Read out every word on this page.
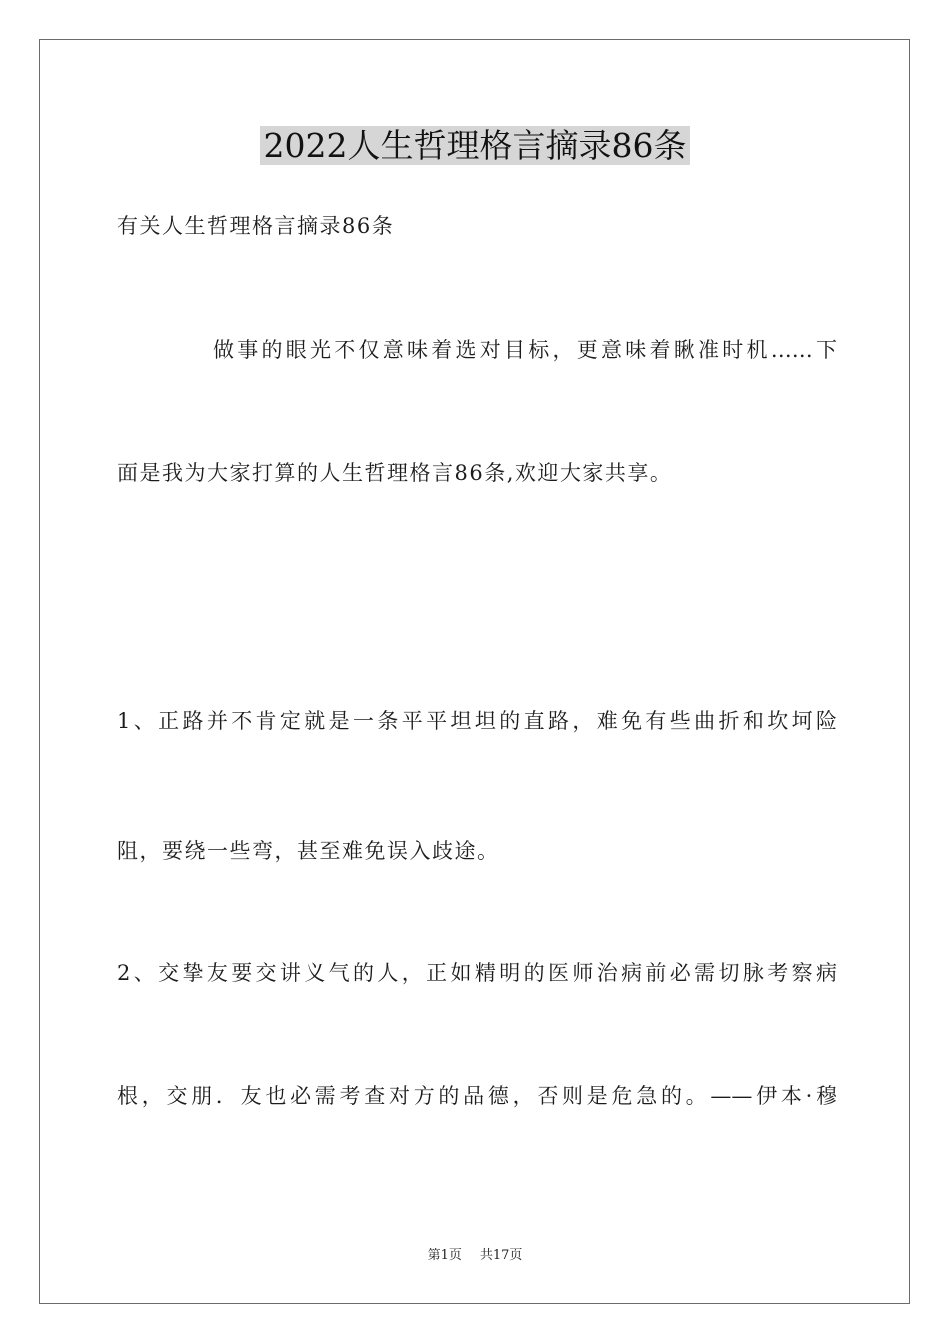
2022人生哲理格言摘录86条
有关人生哲理格言摘录86条
做事的眼光不仅意味着选对目标，更意味着瞅准时机……下
面是我为大家打算的人生哲理格言86条,欢迎大家共享。
1、正路并不肯定就是一条平平坦坦的直路，难免有些曲折和坎坷险
阻，要绕一些弯，甚至难免误入歧途。
2、交挚友要交讲义气的人，正如精明的医师治病前必需切脉考察病
根，交朋．友也必需考查对方的品德，否则是危急的。——伊本·穆
第1页 共17页
